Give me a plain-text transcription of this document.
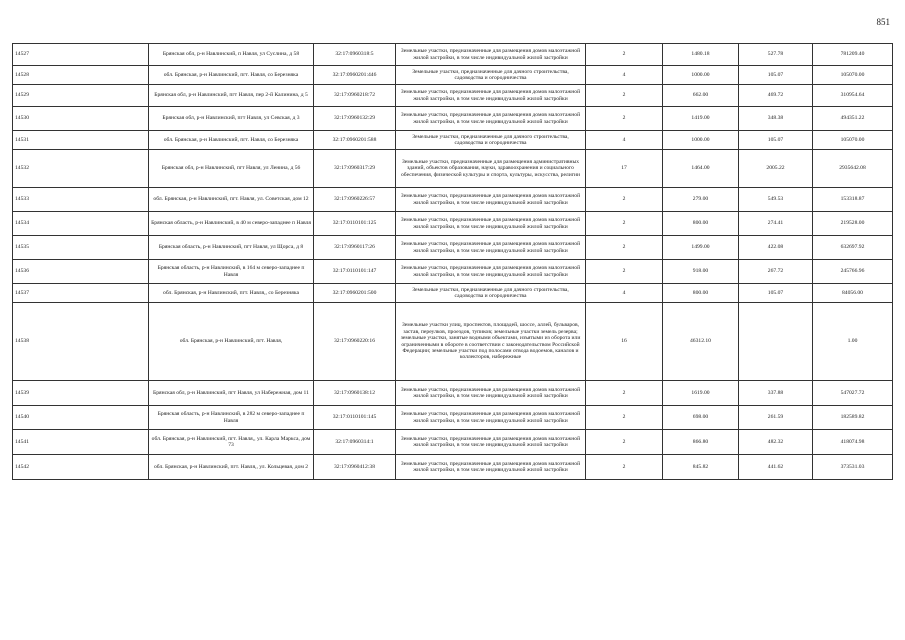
851
14527	Брянская обл, р-н Навлинский, п Навля, ул Суслина, д 58	32:17:0960318:5	Земельные участки, предназначенные для размещения домов малоэтажной жилой застройки, в том числе индивидуальной жилой застройки	2	1480.18	527.78	781209.40
14528	обл. Брянская, р-н Навлинский, пгт. Навля, со Березняка	32:17:0960201:446	Земельные участки, предназначенные для дачного строительства, садоводства и огородничества	4	1000.00	105.07	105070.00
14529	Брянская обл, р-н Навлинский, пгт Навля, пер 2-й Калинина, д 5	32:17:0960218:72	Земельные участки, предназначенные для размещения домов малоэтажной жилой застройки, в том числе индивидуальной жилой застройки	2	662.00	469.72	310954.64
14530	Брянская обл, р-н Навлинский, пгт Навля, ул Севская, д 3	32:17:0960132:29	Земельные участки, предназначенные для размещения домов малоэтажной жилой застройки, в том числе индивидуальной жилой застройки	2	1419.00	348.38	494351.22
14531	обл. Брянская, р-н Навлинский, пгт. Навля, со Березняка	32:17:0960201:588	Земельные участки, предназначенные для дачного строительства, садоводства и огородничества	4	1000.00	105.07	105070.00
14532	Брянская обл, р-н Навлинский, пгт Навля, ул Ленина, д 56	32:17:0960317:29	Земельные участки, предназначенные для размещения административных зданий, объектов образования, науки, здравоохранения и социального обеспечения, физической культуры и спорта, культуры, искусства, религии	17	1464.00	2005.22	2935642.08
14533	обл. Брянская, р-н Навлинский, пгт. Навля, ул. Советская, дом 12	32:17:0960226:57	Земельные участки, предназначенные для размещения домов малоэтажной жилой застройки, в том числе индивидуальной жилой застройки	2	279.00	549.53	153318.87
14534	Брянская область, р-н Навлинский, в 40 м северо-западнее п Навля	32:17:0110101:125	Земельные участки, предназначенные для размещения домов малоэтажной жилой застройки, в том числе индивидуальной жилой застройки	2	800.00	274.41	219528.00
14535	Брянская область, р-н Навлинский, пгт Навля, ул Щорса, д 8	32:17:0960117:26	Земельные участки, предназначенные для размещения домов малоэтажной жилой застройки, в том числе индивидуальной жилой застройки	2	1499.00	422.08	632697.92
14536	Брянская область, р-н Навлинский, в 164 м северо-западнее п Навля	32:17:0110101:147	Земельные участки, предназначенные для размещения домов малоэтажной жилой застройки, в том числе индивидуальной жилой застройки	2	918.00	267.72	245766.96
14537	обл. Брянская, р-н Навлинский, пгт. Навля,, со Березняка	32:17:0960201:500	Земельные участки, предназначенные для дачного строительства, садоводства и огородничества	4	800.00	105.07	84056.00
14538	обл. Брянская, р-н Навлинский, пгт. Навля,	32:17:0960220:16	Земельные участки улиц, проспектов, площадей, шоссе, аллей, бульваров, застав, переулков, проездов, тупиков; земельные участки земель резерва; земельные участки, занятые водными объектами, изъятыми из оборота или ограниченными в обороте в соответствии с законодательством Российской Федерации; земельные участки под полосами отвода водоемов, каналов и коллекторов, набережные	16	46312.10		1.00
14539	Брянская обл, р-н Навлинский, пгт Навля, ул Набережная, дом 11	32:17:0960138:12	Земельные участки, предназначенные для размещения домов малоэтажной жилой застройки, в том числе индивидуальной жилой застройки	2	1619.00	337.88	547027.72
14540	Брянская область, р-н Навлинский, в 282 м северо-западнее п Навля	32:17:0110101:145	Земельные участки, предназначенные для размещения домов малоэтажной жилой застройки, в том числе индивидуальной жилой застройки	2	698.00	261.59	182589.82
14541	обл. Брянская, р-н Навлинский, пгт. Навля,, ул. Карла Маркса, дом 73	32:17:0960314:1	Земельные участки, предназначенные для размещения домов малоэтажной жилой застройки, в том числе индивидуальной жилой застройки	2	866.80	482.32	418074.98
14542	обл. Брянская, р-н Навлинский, пгт. Навля,, ул. Кольцевая, дом 2	32:17:0960412:38	Земельные участки, предназначенные для размещения домов малоэтажной жилой застройки, в том числе индивидуальной жилой застройки	2	845.82	441.62	373531.03
